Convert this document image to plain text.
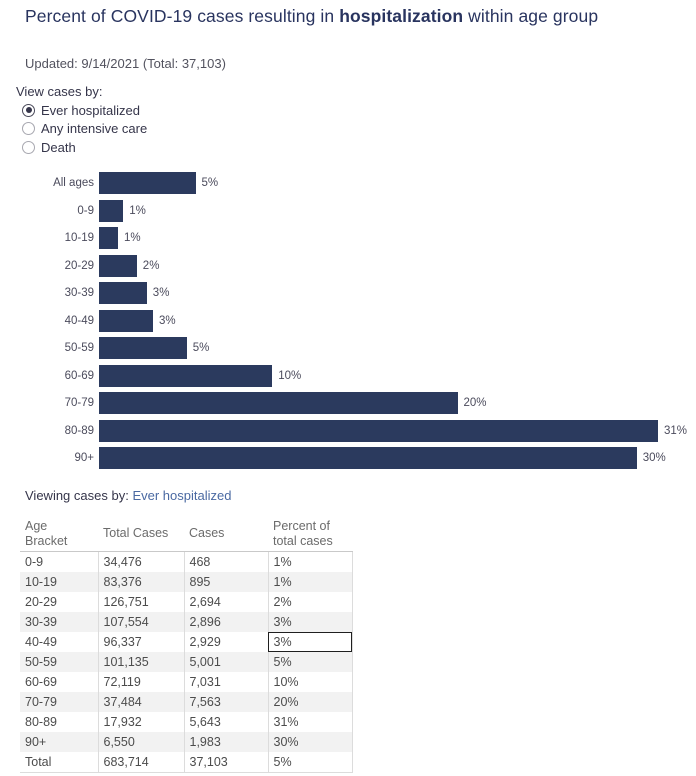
Percent of COVID-19 cases resulting in hospitalization within age group
Updated: 9/14/2021 (Total: 37,103)
View cases by:
Ever hospitalized
Any intensive care
Death
All ages	5%
0-9	1%
10-19	1%
20-29	2%
30-39	3%
40-49	3%
50-59	5%
60-69	10%
70-79	20%
80-89	31%
90+	30%
Viewing cases by: Ever hospitalized
Age Bracket	Total Cases	Cases	Percent of total cases
0-9	34,476	468	1%
10-19	83,376	895	1%
20-29	126,751	2,694	2%
30-39	107,554	2,896	3%
40-49	96,337	2,929	3%
50-59	101,135	5,001	5%
60-69	72,119	7,031	10%
70-79	37,484	7,563	20%
80-89	17,932	5,643	31%
90+	6,550	1,983	30%
Total	683,714	37,103	5%
